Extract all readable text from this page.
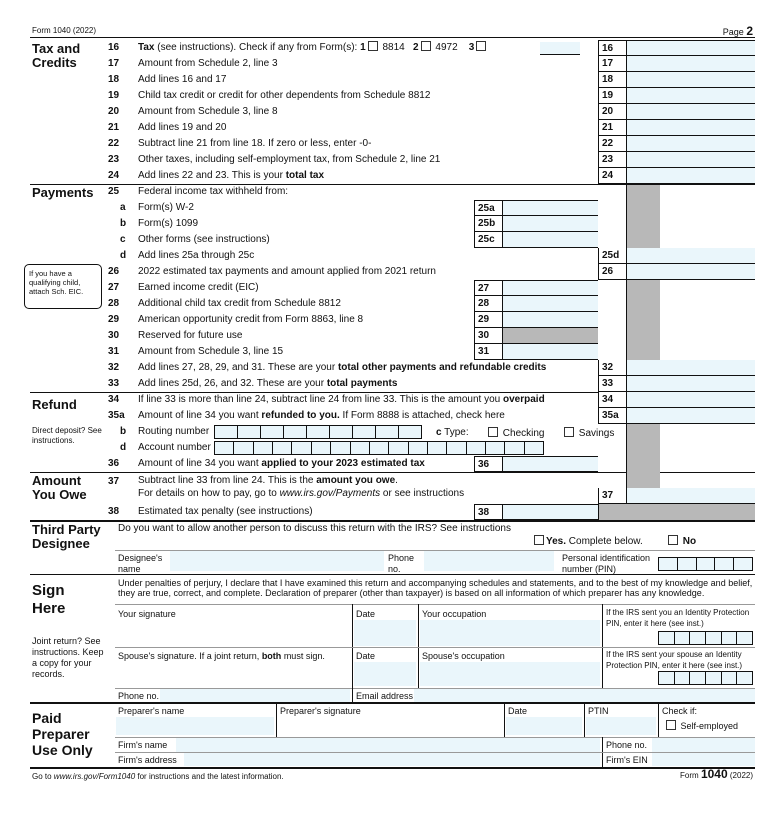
Form 1040 (2022)	Page 2
Tax and Credits
16	Tax (see instructions). Check if any from Form(s): 1 8814 2 4972 3	16
17	Amount from Schedule 2, line 3	17
18	Add lines 16 and 17	18
19	Child tax credit or credit for other dependents from Schedule 8812	19
20	Amount from Schedule 3, line 8	20
21	Add lines 19 and 20	21
22	Subtract line 21 from line 18. If zero or less, enter -0-	22
23	Other taxes, including self-employment tax, from Schedule 2, line 21	23
24	Add lines 22 and 23. This is your total tax	24
Payments 25	Federal income tax withheld from:
a	Form(s) W-2	25a
b	Form(s) 1099	25b
c	Other forms (see instructions)	25c
d	Add lines 25a through 25c	25d
26	2022 estimated tax payments and amount applied from 2021 return	26
If you have a qualifying child, attach Sch. EIC.	27	Earned income credit (EIC)	27
28	Additional child tax credit from Schedule 8812	28
29	American opportunity credit from Form 8863, line 8	29
30	Reserved for future use	30
31	Amount from Schedule 3, line 15	31
32	Add lines 27, 28, 29, and 31. These are your total other payments and refundable credits	32
33	Add lines 25d, 26, and 32. These are your total payments	33
Refund
Direct deposit? See instructions.
34	If line 33 is more than line 24, subtract line 24 from line 33. This is the amount you overpaid	34
35a	Amount of line 34 you want refunded to you. If Form 8888 is attached, check here	35a
b	Routing number	c Type:	Checking	Savings
d	Account number
36	Amount of line 34 you want applied to your 2023 estimated tax	36
Amount You Owe
37	Subtract line 33 from line 24. This is the amount you owe.
For details on how to pay, go to www.irs.gov/Payments or see instructions	37
38	Estimated tax penalty (see instructions)	38
Third Party Designee
Do you want to allow another person to discuss this return with the IRS? See instructions
Yes. Complete below.	No
Designee's name
Phone no.
Personal identification number (PIN)
Sign Here
Joint return? See instructions. Keep a copy for your records.
Under penalties of perjury, I declare that I have examined this return and accompanying schedules and statements, and to the best of my knowledge and belief, they are true, correct, and complete. Declaration of preparer (other than taxpayer) is based on all information of which preparer has any knowledge.
Your signature	Date	Your occupation	If the IRS sent you an Identity Protection PIN, enter it here (see inst.)
Spouse's signature. If a joint return, both must sign.	Date	Spouse's occupation	If the IRS sent your spouse an Identity Protection PIN, enter it here (see inst.)
Phone no.	Email address
Paid Preparer Use Only
Preparer's name	Preparer's signature	Date	PTIN	Check if:
Self-employed
Firm's name	Phone no.
Firm's address	Firm's EIN
Go to www.irs.gov/Form1040 for instructions and the latest information.	Form 1040 (2022)
